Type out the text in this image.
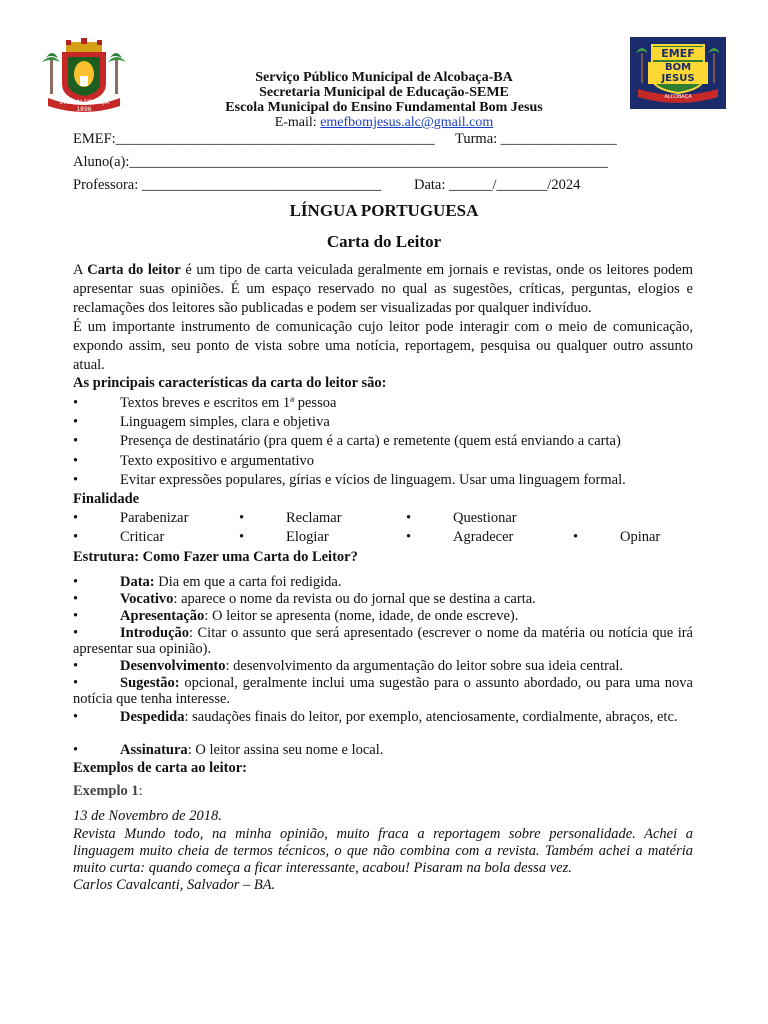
1772 ALCOBAÇA 1896
EMEF
BOM JESUS
ALCOBAÇA
Serviço Público Municipal de Alcobaça-BA
Secretaria Municipal de Educação-SEME
Escola Municipal do Ensino Fundamental Bom Jesus
E-mail: emefbomjesus.alc@gmail.com
EMEF:____________________________________________ Turma: ________________
Aluno(a):__________________________________________________________________
Professora: _________________________________ Data: ______/_______/2024
LÍNGUA PORTUGUESA
Carta do Leitor
A Carta do leitor é um tipo de carta veiculada geralmente em jornais e revistas, onde os leitores podem apresentar suas opiniões. É um espaço reservado no qual as sugestões, críticas, perguntas, elogios e reclamações dos leitores são publicadas e podem ser visualizadas por qualquer indivíduo.
É um importante instrumento de comunicação cujo leitor pode interagir com o meio de comunicação, expondo assim, seu ponto de vista sobre uma notícia, reportagem, pesquisa ou qualquer outro assunto atual.
As principais características da carta do leitor são:
•	Textos breves e escritos em 1ª pessoa
•	Linguagem simples, clara e objetiva
•	Presença de destinatário (pra quem é a carta) e remetente (quem está enviando a carta)
•	Texto expositivo e argumentativo
•	Evitar expressões populares, gírias e vícios de linguagem. Usar uma linguagem formal.
Finalidade
•	Parabenizar	•	Reclamar	•	Questionar
•	Criticar	•	Elogiar	•	Agradecer	•	Opinar
Estrutura: Como Fazer uma Carta do Leitor?
•	Data: Dia em que a carta foi redigida.
•	Vocativo: aparece o nome da revista ou do jornal que se destina a carta.
•	Apresentação: O leitor se apresenta (nome, idade, de onde escreve).
•	Introdução: Citar o assunto que será apresentado (escrever o nome da matéria ou notícia que irá apresentar sua opinião).
•	Desenvolvimento: desenvolvimento da argumentação do leitor sobre sua ideia central.
•	Sugestão: opcional, geralmente inclui uma sugestão para o assunto abordado, ou para uma nova notícia que tenha interesse.
•	Despedida: saudações finais do leitor, por exemplo, atenciosamente, cordialmente, abraços, etc.
•	Assinatura: O leitor assina seu nome e local.
Exemplos de carta ao leitor:
Exemplo 1:
13 de Novembro de 2018.
Revista Mundo todo, na minha opinião, muito fraca a reportagem sobre personalidade. Achei a linguagem muito cheia de termos técnicos, o que não combina com a revista. Também achei a matéria muito curta: quando começa a ficar interessante, acabou! Pisaram na bola dessa vez.
Carlos Cavalcanti, Salvador – BA.
